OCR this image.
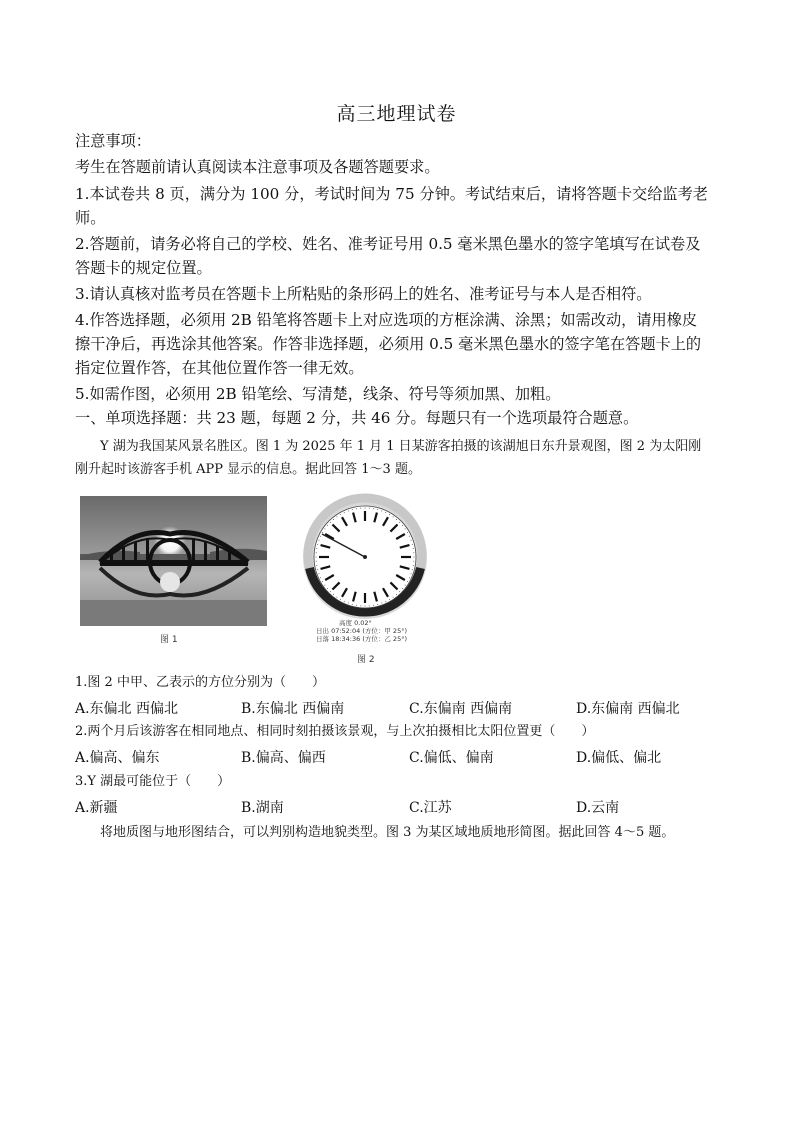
高三地理试卷
注意事项：
考生在答题前请认真阅读本注意事项及各题答题要求。
1.本试卷共 8 页，满分为 100 分，考试时间为 75 分钟。考试结束后，请将答题卡交给监考老
师。
2.答题前，请务必将自己的学校、姓名、准考证号用 0.5 毫米黑色墨水的签字笔填写在试卷及
答题卡的规定位置。
3.请认真核对监考员在答题卡上所粘贴的条形码上的姓名、准考证号与本人是否相符。
4.作答选择题，必须用 2B 铅笔将答题卡上对应选项的方框涂满、涂黑；如需改动，请用橡皮
擦干净后，再选涂其他答案。作答非选择题，必须用 0.5 毫米黑色墨水的签字笔在答题卡上的
指定位置作答，在其他位置作答一律无效。
5.如需作图，必须用 2B 铅笔绘、写清楚，线条、符号等须加黑、加粗。
一、单项选择题：共 23 题，每题 2 分，共 46 分。每题只有一个选项最符合题意。
Y 湖为我国某风景名胜区。图 1 为 2025 年 1 月 1 日某游客拍摄的该湖旭日东升景观图，图 2 为太阳刚
刚升起时该游客手机 APP 显示的信息。据此回答 1～3 题。
图 1
高度 0.02°
日出 07:52:04 (方位：甲 25°)
日落 18:34:36 (方位：乙 25°)
图 2
1.图 2 中甲、乙表示的方位分别为（　　）
A.东偏北 西偏北	B.东偏北 西偏南	C.东偏南 西偏南	D.东偏南 西偏北
2.两个月后该游客在相同地点、相同时刻拍摄该景观，与上次拍摄相比太阳位置更（　　）
A.偏高、偏东	B.偏高、偏西	C.偏低、偏南	D.偏低、偏北
3.Y 湖最可能位于（　　）
A.新疆	B.湖南	C.江苏	D.云南
将地质图与地形图结合，可以判别构造地貌类型。图 3 为某区域地质地形简图。据此回答 4～5 题。
